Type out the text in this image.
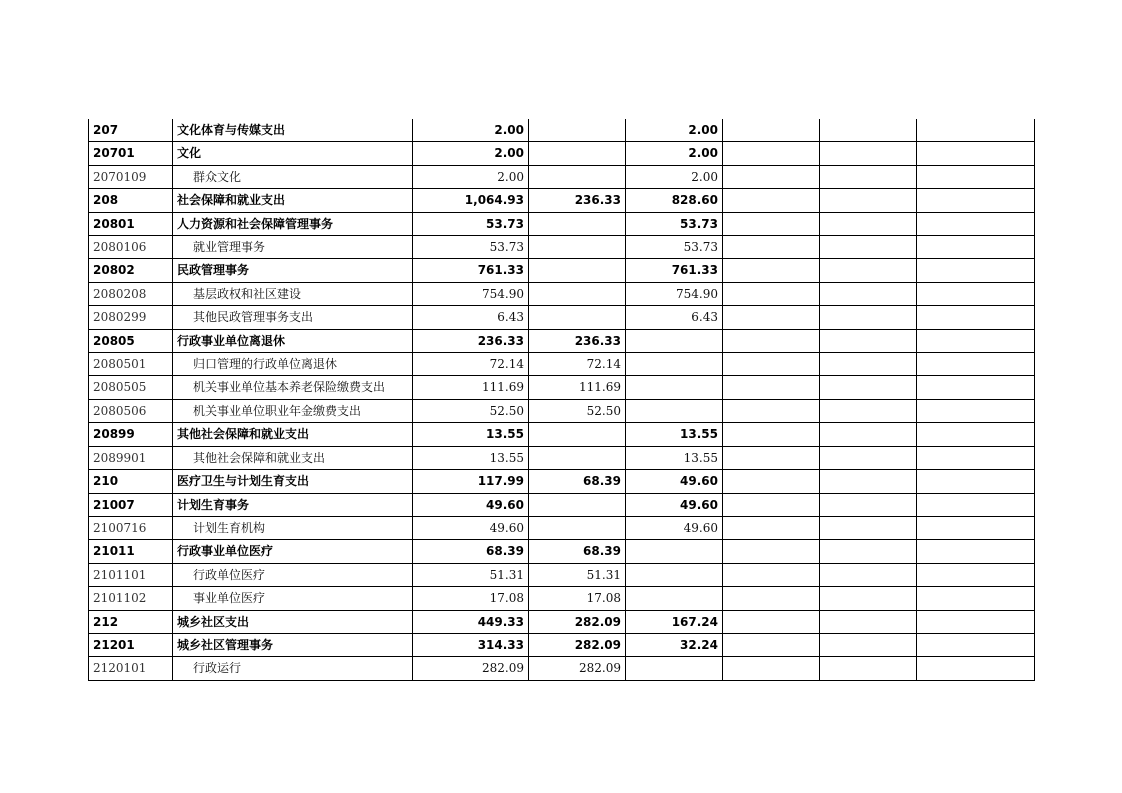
207	文化体育与传媒支出	2.00		2.00			
20701	文化	2.00		2.00			
2070109	群众文化	2.00		2.00			
208	社会保障和就业支出	1,064.93	236.33	828.60			
20801	人力资源和社会保障管理事务	53.73		53.73			
2080106	就业管理事务	53.73		53.73			
20802	民政管理事务	761.33		761.33			
2080208	基层政权和社区建设	754.90		754.90			
2080299	其他民政管理事务支出	6.43		6.43			
20805	行政事业单位离退休	236.33	236.33				
2080501	归口管理的行政单位离退休	72.14	72.14				
2080505	机关事业单位基本养老保险缴费支出	111.69	111.69				
2080506	机关事业单位职业年金缴费支出	52.50	52.50				
20899	其他社会保障和就业支出	13.55		13.55			
2089901	其他社会保障和就业支出	13.55		13.55			
210	医疗卫生与计划生育支出	117.99	68.39	49.60			
21007	计划生育事务	49.60		49.60			
2100716	计划生育机构	49.60		49.60			
21011	行政事业单位医疗	68.39	68.39				
2101101	行政单位医疗	51.31	51.31				
2101102	事业单位医疗	17.08	17.08				
212	城乡社区支出	449.33	282.09	167.24			
21201	城乡社区管理事务	314.33	282.09	32.24			
2120101	行政运行	282.09	282.09				
